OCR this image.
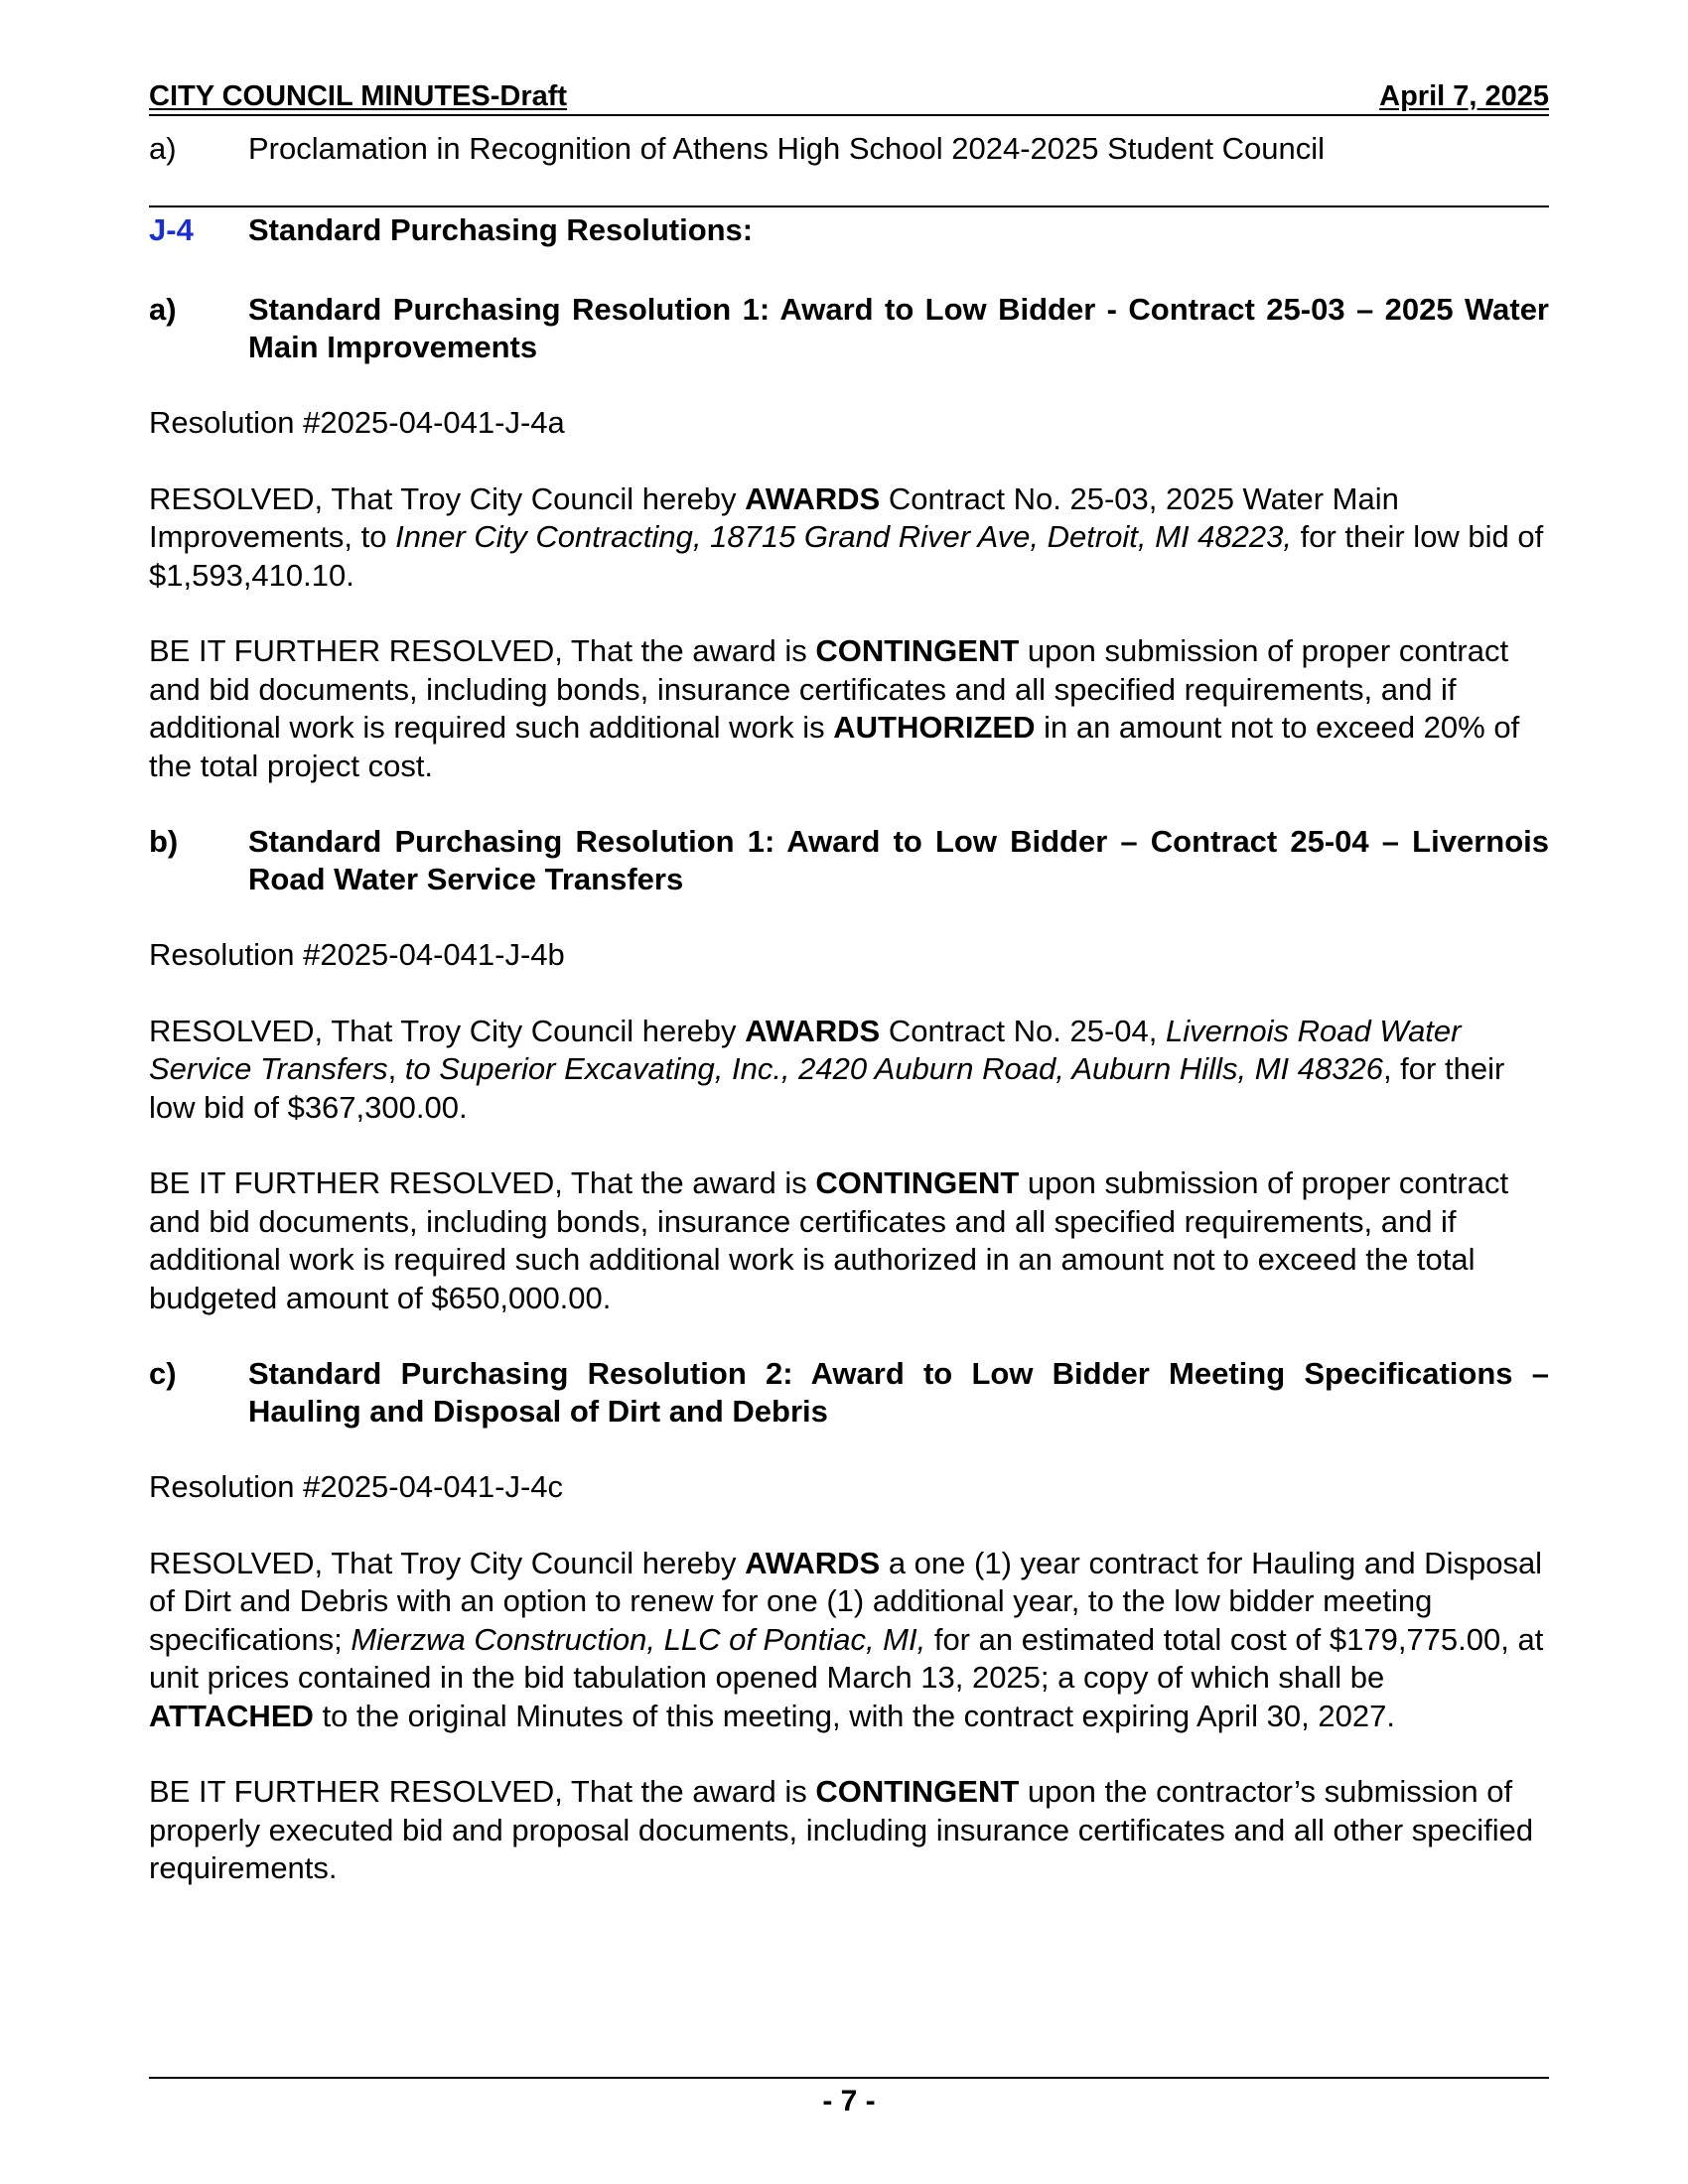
CITY COUNCIL MINUTES-Draft	April 7, 2025
a)	Proclamation in Recognition of Athens High School 2024-2025 Student Council
J-4	Standard Purchasing Resolutions:
a)	Standard Purchasing Resolution 1: Award to Low Bidder - Contract 25-03 – 2025 Water Main Improvements
Resolution #2025-04-041-J-4a
RESOLVED, That Troy City Council hereby AWARDS Contract No. 25-03, 2025 Water Main Improvements, to Inner City Contracting, 18715 Grand River Ave, Detroit, MI 48223, for their low bid of $1,593,410.10.
BE IT FURTHER RESOLVED, That the award is CONTINGENT upon submission of proper contract and bid documents, including bonds, insurance certificates and all specified requirements, and if additional work is required such additional work is AUTHORIZED in an amount not to exceed 20% of the total project cost.
b)	Standard Purchasing Resolution 1: Award to Low Bidder – Contract 25-04 – Livernois Road Water Service Transfers
Resolution #2025-04-041-J-4b
RESOLVED, That Troy City Council hereby AWARDS Contract No. 25-04, Livernois Road Water Service Transfers, to Superior Excavating, Inc., 2420 Auburn Road, Auburn Hills, MI 48326, for their low bid of $367,300.00.
BE IT FURTHER RESOLVED, That the award is CONTINGENT upon submission of proper contract and bid documents, including bonds, insurance certificates and all specified requirements, and if additional work is required such additional work is authorized in an amount not to exceed the total budgeted amount of $650,000.00.
c)	Standard Purchasing Resolution 2: Award to Low Bidder Meeting Specifications – Hauling and Disposal of Dirt and Debris
Resolution #2025-04-041-J-4c
RESOLVED, That Troy City Council hereby AWARDS a one (1) year contract for Hauling and Disposal of Dirt and Debris with an option to renew for one (1) additional year, to the low bidder meeting specifications; Mierzwa Construction, LLC of Pontiac, MI, for an estimated total cost of $179,775.00, at unit prices contained in the bid tabulation opened March 13, 2025; a copy of which shall be ATTACHED to the original Minutes of this meeting, with the contract expiring April 30, 2027.
BE IT FURTHER RESOLVED, That the award is CONTINGENT upon the contractor’s submission of properly executed bid and proposal documents, including insurance certificates and all other specified requirements.
- 7 -
